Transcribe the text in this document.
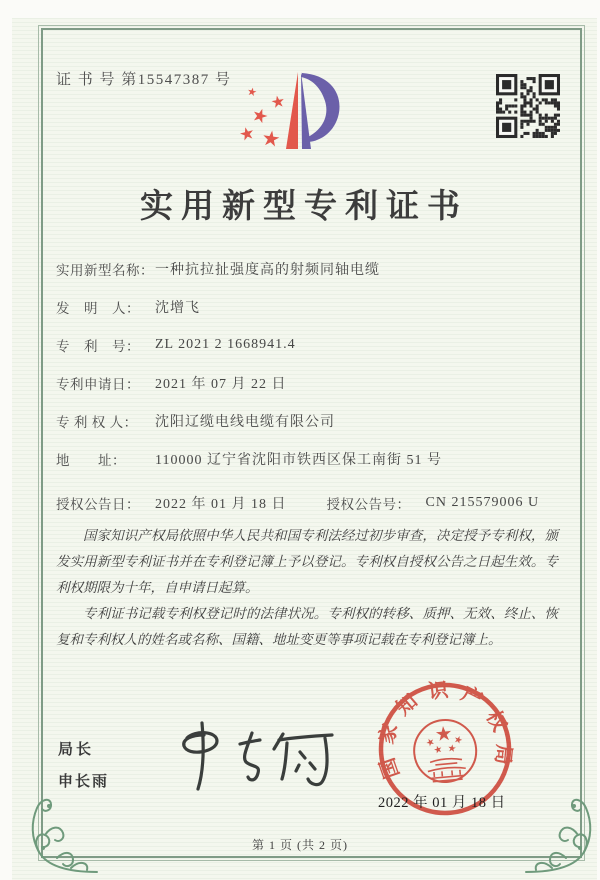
证 书 号 第15547387 号
实用新型专利证书
实用新型名称： 一种抗拉扯强度高的射频同轴电缆
发　明　人：	沈增飞
专　利　号：	ZL 2021 2 1668941.4
专利申请日：	2021 年 07 月 22 日
专 利 权 人：	沈阳辽缆电线电缆有限公司
地　　址：	110000 辽宁省沈阳市铁西区保工南街 51 号
授权公告日：	2022 年 01 月 18 日	授权公告号：	CN 215579006 U

国家知识产权局依照中华人民共和国专利法经过初步审查，决定授予专利权，颁发实用新型专利证书并在专利登记簿上予以登记。专利权自授权公告之日起生效。专利权期限为十年，自申请日起算。

专利证书记载专利权登记时的法律状况。专利权的转移、质押、无效、终止、恢复和专利权人的姓名或名称、国籍、地址变更等事项记载在专利登记簿上。

局长
申长雨
国家知识产权局
2022 年 01 月 18 日
第 1 页 (共 2 页)
